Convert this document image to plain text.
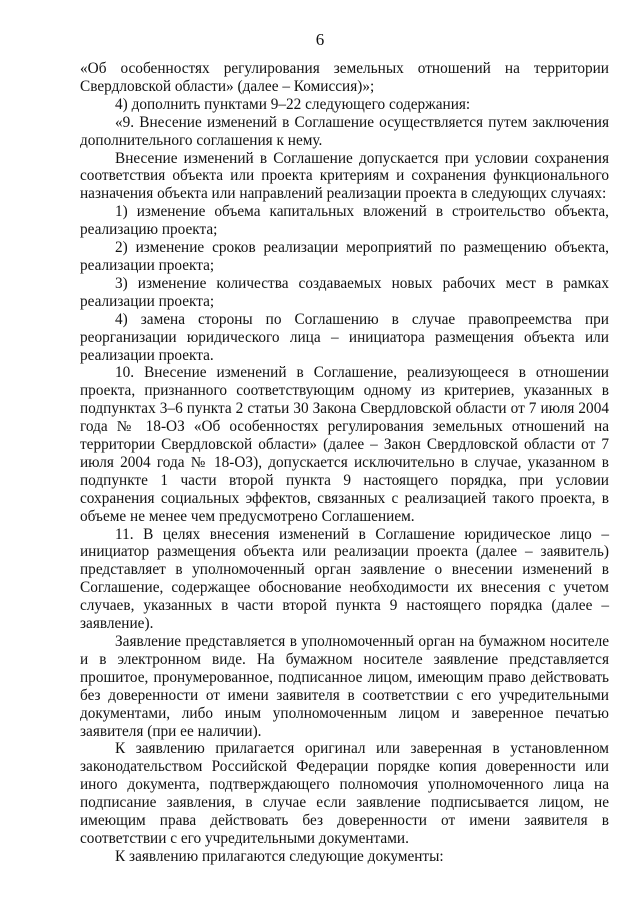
6

«Об особенностях регулирования земельных отношений на территории Свердловской области» (далее – Комиссия)»;

4) дополнить пунктами 9–22 следующего содержания:

«9. Внесение изменений в Соглашение осуществляется путем заключения дополнительного соглашения к нему.

Внесение изменений в Соглашение допускается при условии сохранения соответствия объекта или проекта критериям и сохранения функционального назначения объекта или направлений реализации проекта в следующих случаях:

1) изменение объема капитальных вложений в строительство объекта, реализацию проекта;

2) изменение сроков реализации мероприятий по размещению объекта, реализации проекта;

3) изменение количества создаваемых новых рабочих мест в рамках реализации проекта;

4) замена стороны по Соглашению в случае правопреемства при реорганизации юридического лица – инициатора размещения объекта или реализации проекта.

10. Внесение изменений в Соглашение, реализующееся в отношении проекта, признанного соответствующим одному из критериев, указанных в подпунктах 3–6 пункта 2 статьи 30 Закона Свердловской области от 7 июля 2004 года № 18-ОЗ «Об особенностях регулирования земельных отношений на территории Свердловской области» (далее – Закон Свердловской области от 7 июля 2004 года № 18-ОЗ), допускается исключительно в случае, указанном в подпункте 1 части второй пункта 9 настоящего порядка, при условии сохранения социальных эффектов, связанных с реализацией такого проекта, в объеме не менее чем предусмотрено Соглашением.

11. В целях внесения изменений в Соглашение юридическое лицо – инициатор размещения объекта или реализации проекта (далее – заявитель) представляет в уполномоченный орган заявление о внесении изменений в Соглашение, содержащее обоснование необходимости их внесения с учетом случаев, указанных в части второй пункта 9 настоящего порядка (далее – заявление).

Заявление представляется в уполномоченный орган на бумажном носителе и в электронном виде. На бумажном носителе заявление представляется прошитое, пронумерованное, подписанное лицом, имеющим право действовать без доверенности от имени заявителя в соответствии с его учредительными документами, либо иным уполномоченным лицом и заверенное печатью заявителя (при ее наличии).

К заявлению прилагается оригинал или заверенная в установленном законодательством Российской Федерации порядке копия доверенности или иного документа, подтверждающего полномочия уполномоченного лица на подписание заявления, в случае если заявление подписывается лицом, не имеющим права действовать без доверенности от имени заявителя в соответствии с его учредительными документами.

К заявлению прилагаются следующие документы:
